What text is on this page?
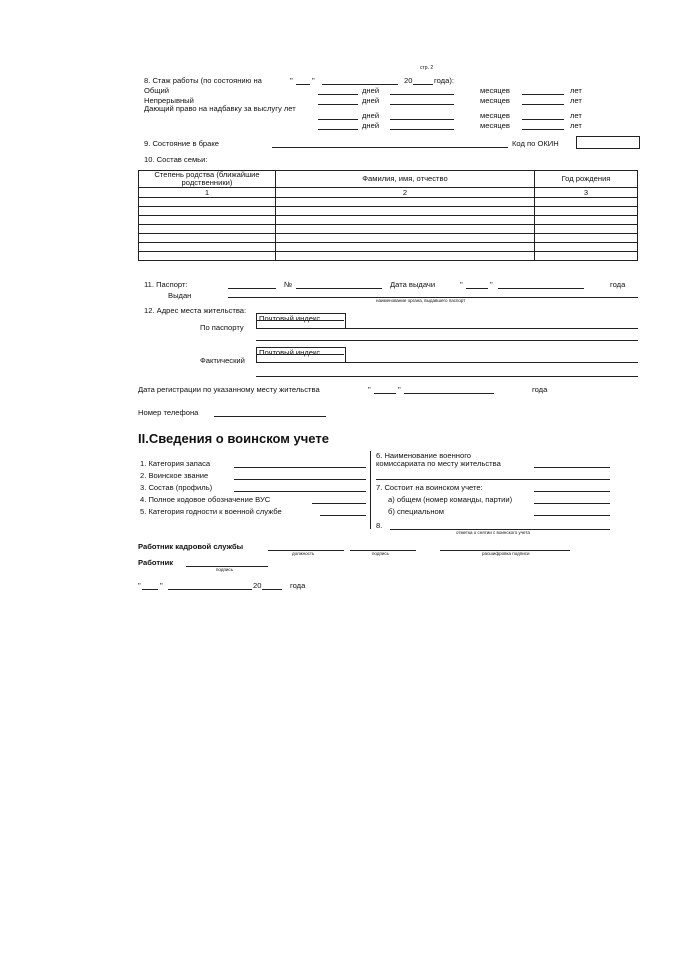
стр. 2
8. Стаж работы (по состоянию на	"	"	20	года):
Общий	дней	месяцев	лет
Непрерывный	дней	месяцев	лет
Дающий право на надбавку за выслугу лет
дней	месяцев	лет
дней	месяцев	лет
9. Состояние в браке	Код по ОКИН
10. Состав семьи:
Степень родства (ближайшие родственники)	Фамилия, имя, отчество	Год рождения
1	2	3

11. Паспорт:	№	Дата выдачи	"	"	года
Выдан
наименование органа, выдавшего паспорт
12. Адрес места жительства:
Почтовый индекс
По паспорту
Почтовый индекс
Фактический
Дата регистрации по указанному месту жительства	"	"	года
Номер телефона
II.Сведения о воинском учете
1. Категория запаса
2. Воинское звание
3. Состав (профиль)
4. Полное кодовое обозначение ВУС
5. Категория годности к военной службе
6. Наименование военного
комиссариата по месту жительства
7. Состоит на воинском учете:
а) общем (номер команды, партии)
б) специальном
8.
отметка о снятии с воинского учета
Работник кадровой службы
должность	подпись	расшифровка подписи
Работник
подпись
"	"	20	года
